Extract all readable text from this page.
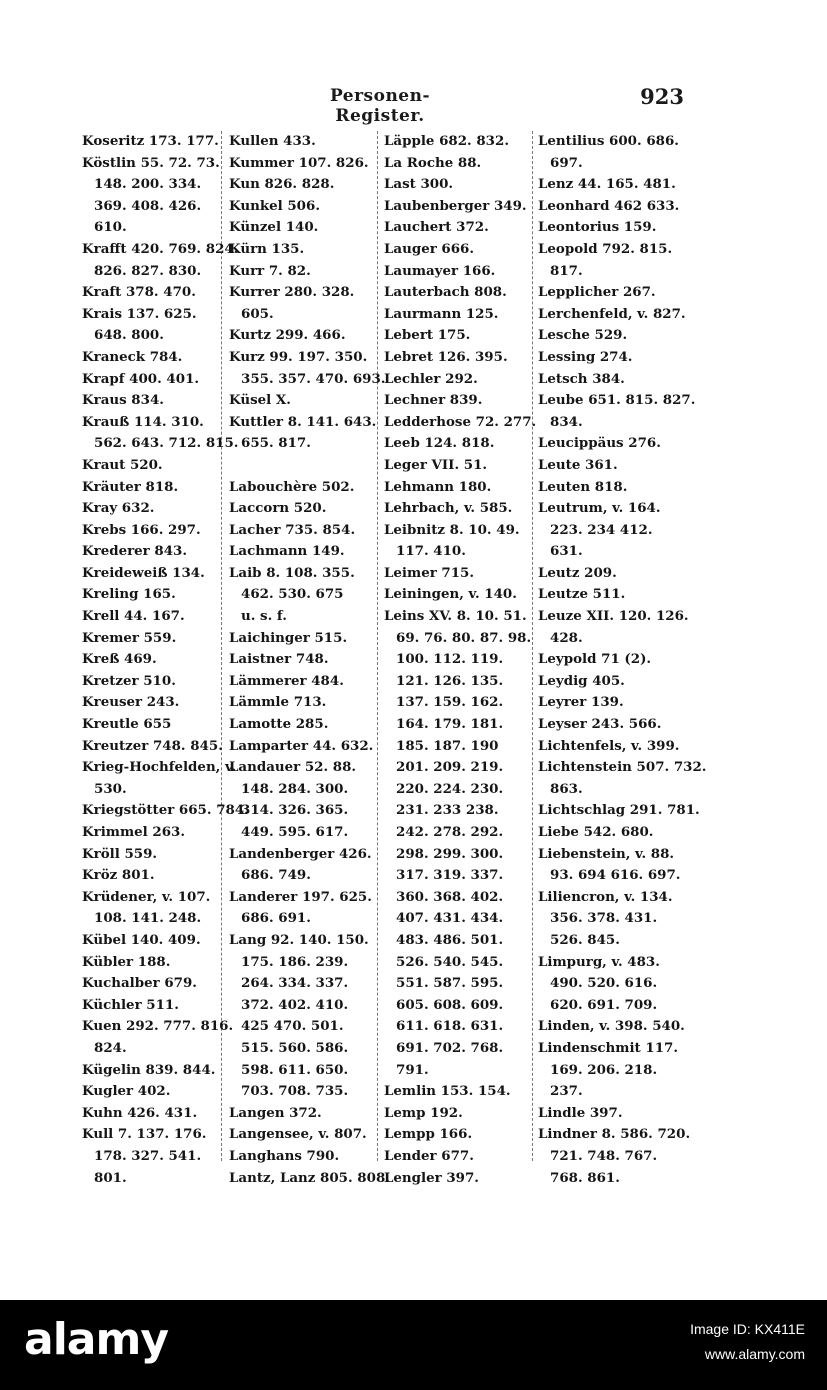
Personen-Register.
923
Koseritz 173. 177.
Köstlin 55. 72. 73.
148. 200. 334.
369. 408. 426.
610.
Krafft 420. 769. 824.
826. 827. 830.
Kraft 378. 470.
Krais 137. 625.
648. 800.
Kraneck 784.
Krapf 400. 401.
Kraus 834.
Krauß 114. 310.
562. 643. 712. 815.
Kraut 520.
Kräuter 818.
Kray 632.
Krebs 166. 297.
Krederer 843.
Kreideweiß 134.
Kreling 165.
Krell 44. 167.
Kremer 559.
Kreß 469.
Kretzer 510.
Kreuser 243.
Kreutle 655
Kreutzer 748. 845.
Krieg-Hochfelden, v.
530.
Kriegstötter 665. 784.
Krimmel 263.
Kröll 559.
Kröz 801.
Krüdener, v. 107.
108. 141. 248.
Kübel 140. 409.
Kübler 188.
Kuchalber 679.
Küchler 511.
Kuen 292. 777. 816.
824.
Kügelin 839. 844.
Kugler 402.
Kuhn 426. 431.
Kull 7. 137. 176.
178. 327. 541.
801.
Kullen 433.
Kummer 107. 826.
Kun 826. 828.
Kunkel 506.
Künzel 140.
Kürn 135.
Kurr 7. 82.
Kurrer 280. 328.
605.
Kurtz 299. 466.
Kurz 99. 197. 350.
355. 357. 470. 693.
Küsel X.
Kuttler 8. 141. 643.
655. 817.
Labouchère 502.
Laccorn 520.
Lacher 735. 854.
Lachmann 149.
Laib 8. 108. 355.
462. 530. 675
u. s. f.
Laichinger 515.
Laistner 748.
Lämmerer 484.
Lämmle 713.
Lamotte 285.
Lamparter 44. 632.
Landauer 52. 88.
148. 284. 300.
314. 326. 365.
449. 595. 617.
Landenberger 426.
686. 749.
Landerer 197. 625.
686. 691.
Lang 92. 140. 150.
175. 186. 239.
264. 334. 337.
372. 402. 410.
425 470. 501.
515. 560. 586.
598. 611. 650.
703. 708. 735.
Langen 372.
Langensee, v. 807.
Langhans 790.
Lantz, Lanz 805. 808.
Läpple 682. 832.
La Roche 88.
Last 300.
Laubenberger 349.
Lauchert 372.
Lauger 666.
Laumayer 166.
Lauterbach 808.
Laurmann 125.
Lebert 175.
Lebret 126. 395.
Lechler 292.
Lechner 839.
Ledderhose 72. 277.
Leeb 124. 818.
Leger VII. 51.
Lehmann 180.
Lehrbach, v. 585.
Leibnitz 8. 10. 49.
117. 410.
Leimer 715.
Leiningen, v. 140.
Leins XV. 8. 10. 51.
69. 76. 80. 87. 98.
100. 112. 119.
121. 126. 135.
137. 159. 162.
164. 179. 181.
185. 187. 190
201. 209. 219.
220. 224. 230.
231. 233 238.
242. 278. 292.
298. 299. 300.
317. 319. 337.
360. 368. 402.
407. 431. 434.
483. 486. 501.
526. 540. 545.
551. 587. 595.
605. 608. 609.
611. 618. 631.
691. 702. 768.
791.
Lemlin 153. 154.
Lemp 192.
Lempp 166.
Lender 677.
Lengler 397.
Lentilius 600. 686.
697.
Lenz 44. 165. 481.
Leonhard 462 633.
Leontorius 159.
Leopold 792. 815.
817.
Lepplicher 267.
Lerchenfeld, v. 827.
Lesche 529.
Lessing 274.
Letsch 384.
Leube 651. 815. 827.
834.
Leucippäus 276.
Leute 361.
Leuten 818.
Leutrum, v. 164.
223. 234 412.
631.
Leutz 209.
Leutze 511.
Leuze XII. 120. 126.
428.
Leypold 71 (2).
Leydig 405.
Leyrer 139.
Leyser 243. 566.
Lichtenfels, v. 399.
Lichtenstein 507. 732.
863.
Lichtschlag 291. 781.
Liebe 542. 680.
Liebenstein, v. 88.
93. 694 616. 697.
Liliencron, v. 134.
356. 378. 431.
526. 845.
Limpurg, v. 483.
490. 520. 616.
620. 691. 709.
Linden, v. 398. 540.
Lindenschmit 117.
169. 206. 218.
237.
Lindle 397.
Lindner 8. 586. 720.
721. 748. 767.
768. 861.
alamy	Image ID: KX411E
www.alamy.com
